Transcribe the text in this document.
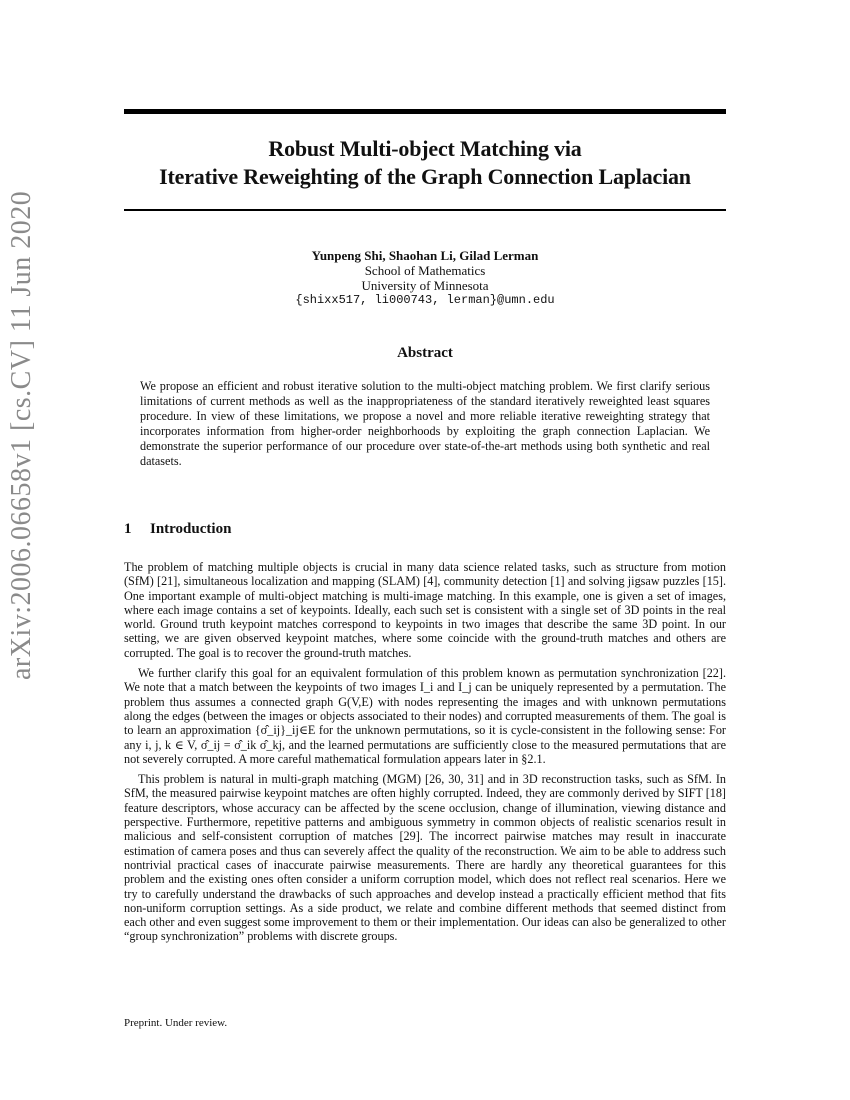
arXiv:2006.06658v1 [cs.CV] 11 Jun 2020
Robust Multi-object Matching via
Iterative Reweighting of the Graph Connection Laplacian
Yunpeng Shi, Shaohan Li, Gilad Lerman
School of Mathematics
University of Minnesota
{shixx517, li000743, lerman}@umn.edu
Abstract
We propose an efficient and robust iterative solution to the multi-object matching problem. We first clarify serious limitations of current methods as well as the inappropriateness of the standard iteratively reweighted least squares procedure. In view of these limitations, we propose a novel and more reliable iterative reweighting strategy that incorporates information from higher-order neighborhoods by exploiting the graph connection Laplacian. We demonstrate the superior performance of our procedure over state-of-the-art methods using both synthetic and real datasets.
1 Introduction

The problem of matching multiple objects is crucial in many data science related tasks, such as structure from motion (SfM) [21], simultaneous localization and mapping (SLAM) [4], community detection [1] and solving jigsaw puzzles [15]. One important example of multi-object matching is multi-image matching. In this example, one is given a set of images, where each image contains a set of keypoints. Ideally, each such set is consistent with a single set of 3D points in the real world. Ground truth keypoint matches correspond to keypoints in two images that describe the same 3D point. In our setting, we are given observed keypoint matches, where some coincide with the ground-truth matches and others are corrupted. The goal is to recover the ground-truth matches.

We further clarify this goal for an equivalent formulation of this problem known as permutation synchronization [22]. We note that a match between the keypoints of two images I_i and I_j can be uniquely represented by a permutation. The problem thus assumes a connected graph G(V,E) with nodes representing the images and with unknown permutations along the edges (between the images or objects associated to their nodes) and corrupted measurements of them. The goal is to learn an approximation {σ̂_ij}_ij∈E for the unknown permutations, so it is cycle-consistent in the following sense: For any i, j, k ∈ V, σ̂_ij = σ̂_ik σ̂_kj, and the learned permutations are sufficiently close to the measured permutations that are not severely corrupted. A more careful mathematical formulation appears later in §2.1.

This problem is natural in multi-graph matching (MGM) [26, 30, 31] and in 3D reconstruction tasks, such as SfM. In SfM, the measured pairwise keypoint matches are often highly corrupted. Indeed, they are commonly derived by SIFT [18] feature descriptors, whose accuracy can be affected by the scene occlusion, change of illumination, viewing distance and perspective. Furthermore, repetitive patterns and ambiguous symmetry in common objects of realistic scenarios result in malicious and self-consistent corruption of matches [29]. The incorrect pairwise matches may result in inaccurate estimation of camera poses and thus can severely affect the quality of the reconstruction. We aim to be able to address such nontrivial practical cases of inaccurate pairwise measurements. There are hardly any theoretical guarantees for this problem and the existing ones often consider a uniform corruption model, which does not reflect real scenarios. Here we try to carefully understand the drawbacks of such approaches and develop instead a practically efficient method that fits non-uniform corruption settings. As a side product, we relate and combine different methods that seemed distinct from each other and even suggest some improvement to them or their implementation. Our ideas can also be generalized to other “group synchronization” problems with discrete groups.

Preprint. Under review.
